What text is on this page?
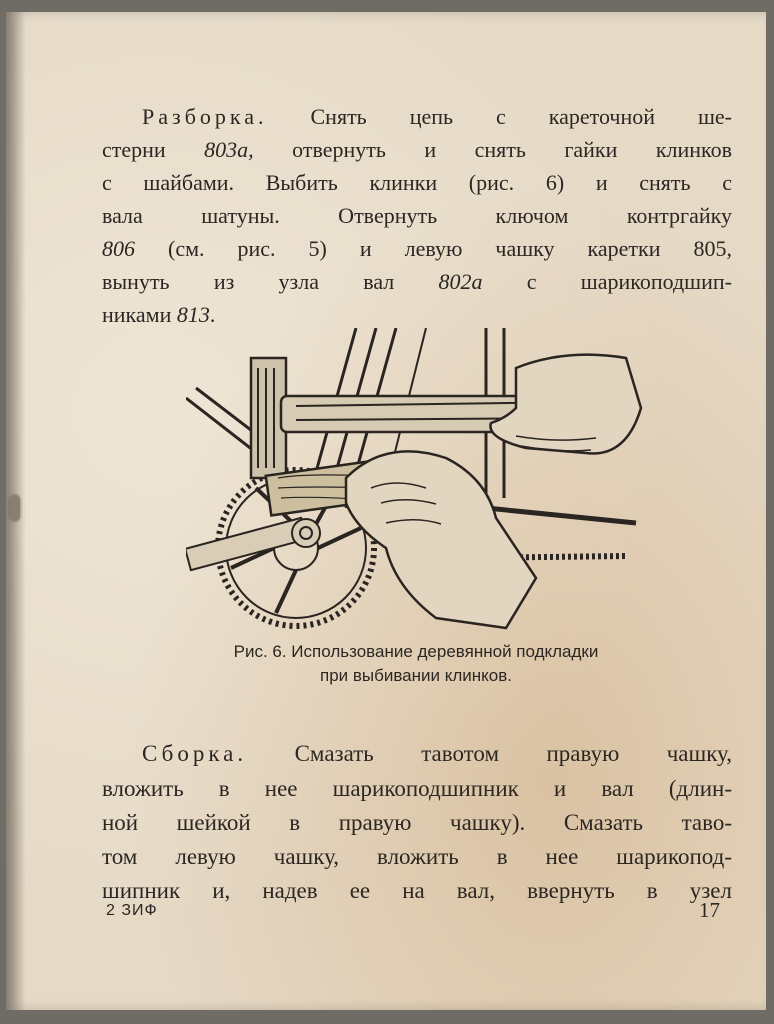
Разборка. Снять цепь с кареточной ше-
стерни 803а, отвернуть и снять гайки клинков
с шайбами. Выбить клинки (рис. 6) и снять с
вала шатуны. Отвернуть ключом контргайку
806 (см. рис. 5) и левую чашку каретки 805,
вынуть из узла вал 802а с шарикоподшип-
никами 813.
Рис. 6. Использование деревянной подкладки
при выбивании клинков.
Сборка. Смазать тавотом правую чашку,
вложить в нее шарикоподшипник и вал (длин-
ной шейкой в правую чашку). Смазать таво-
том левую чашку, вложить в нее шарикопод-
шипник и, надев ее на вал, ввернуть в узел
2 ЗИФ	17
